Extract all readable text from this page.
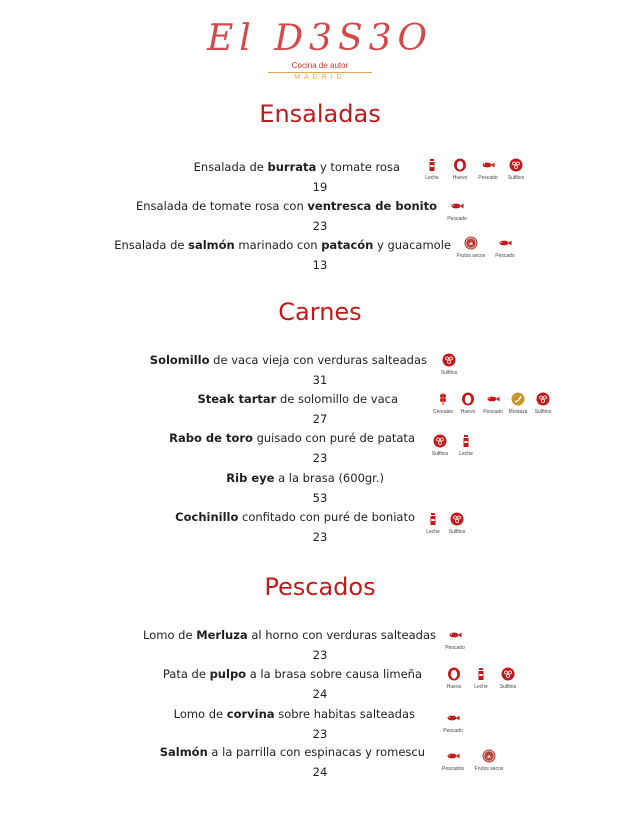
El D3S3O
Cocina de autor
MADRID
Ensaladas
Carnes
Pescados
Ensalada de burrata y tomate rosa
Leche	Huevo Pescado Sulfitos
19
Ensalada de tomate rosa con ventresca de bonito
Pescado
23
Ensalada de salmón marinado con patacón y guacamole
Frutos secos Pescado
13
Solomillo de vaca vieja con verduras salteadas
Sulfitos
31
Steak tartar de solomillo de vaca
Cereales Huevo Pescado Mostaza Sulfitos
27
Rabo de toro guisado con puré de patata
Sulfitos Leche
23
Rib eye a la brasa (600gr.)
53
Cochinillo confitado con puré de boniato
Leche Sulfitos
23
Lomo de Merluza al horno con verduras salteadas
Pescado
23
Pata de pulpo a la brasa sobre causa limeña
Huevo	Leche Sulfitos
24
Lomo de corvina sobre habitas salteadas
Pescado
23
Salmón a la parrilla con espinacas y romescu
Pescados Frutos secos
24
